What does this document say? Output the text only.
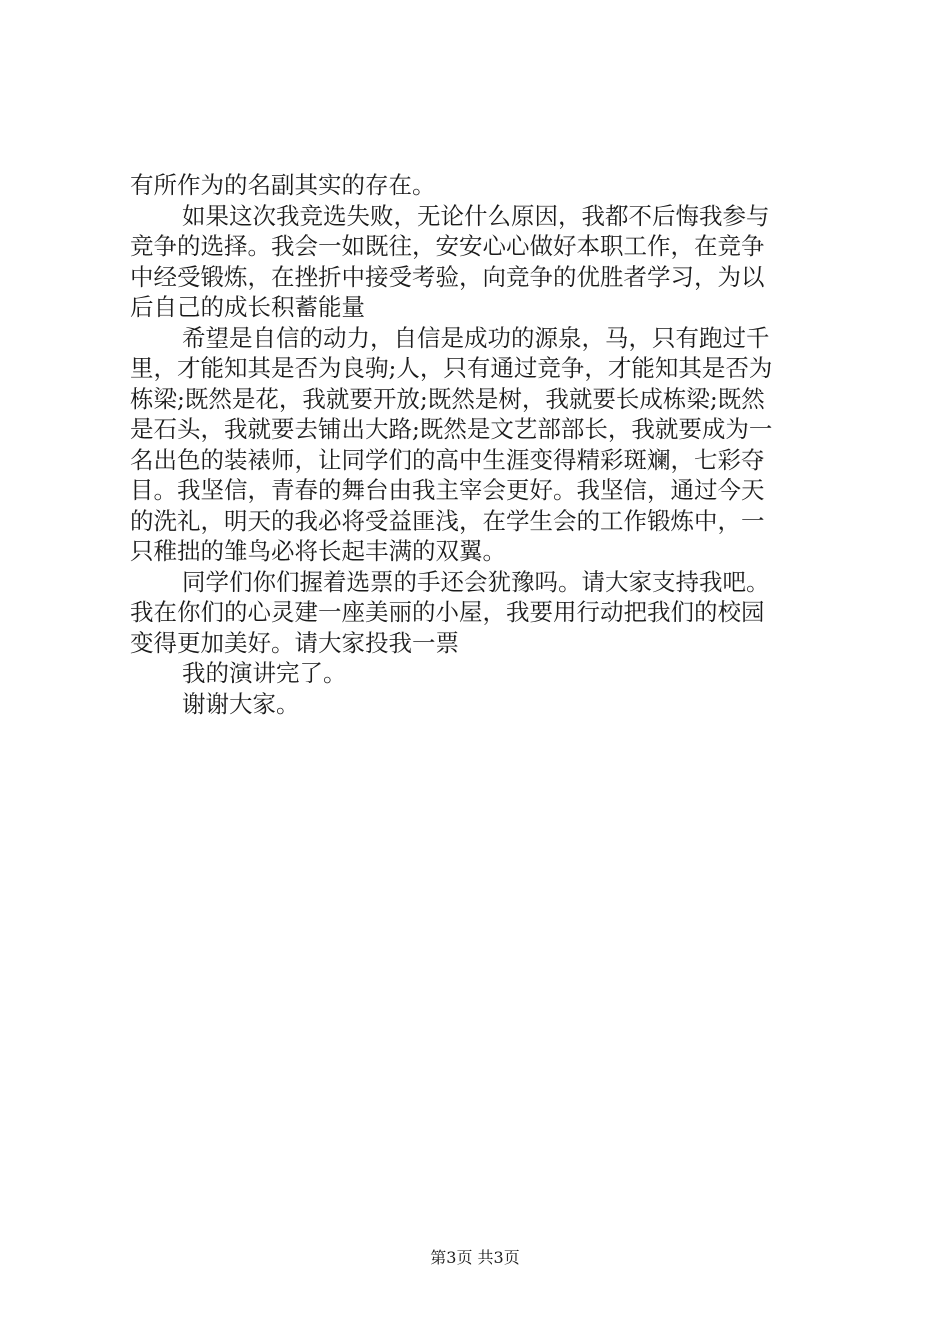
有所作为的名副其实的存在。
如果这次我竞选失败，无论什么原因，我都不后悔我参与
竞争的选择。我会一如既往，安安心心做好本职工作，在竞争
中经受锻炼，在挫折中接受考验，向竞争的优胜者学习，为以
后自己的成长积蓄能量
希望是自信的动力，自信是成功的源泉，马，只有跑过千
里，才能知其是否为良驹;人，只有通过竞争，才能知其是否为
栋梁;既然是花，我就要开放;既然是树，我就要长成栋梁;既然
是石头，我就要去铺出大路;既然是文艺部部长，我就要成为一
名出色的装裱师，让同学们的高中生涯变得精彩斑斓，七彩夺
目。我坚信，青春的舞台由我主宰会更好。我坚信，通过今天
的洗礼，明天的我必将受益匪浅，在学生会的工作锻炼中，一
只稚拙的雏鸟必将长起丰满的双翼。
同学们你们握着选票的手还会犹豫吗。请大家支持我吧。
我在你们的心灵建一座美丽的小屋，我要用行动把我们的校园
变得更加美好。请大家投我一票
我的演讲完了。
谢谢大家。
第3页 共3页
